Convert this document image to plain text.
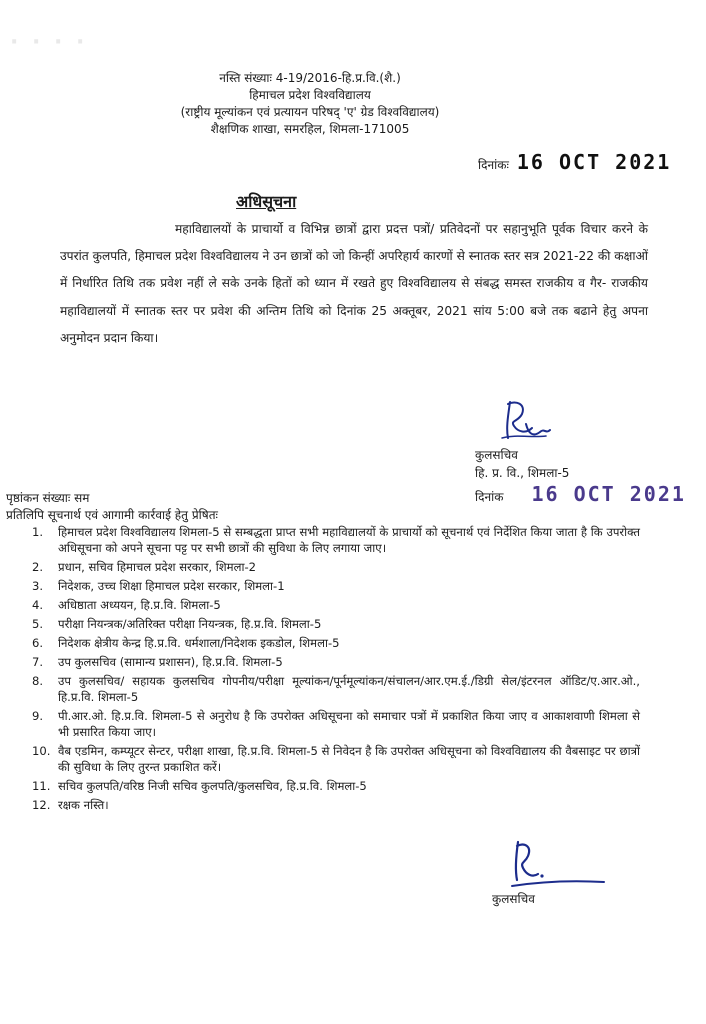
· · · ·
नस्ति संख्याः 4-19/2016-हि.प्र.वि.(शै.)
हिमाचल प्रदेश विश्वविद्यालय
(राष्ट्रीय मूल्यांकन एवं प्रत्यायन परिषद् 'ए' ग्रेड विश्वविद्यालय)
शैक्षणिक शाखा, समरहिल, शिमला-171005
दिनांकः 16 OCT 2021
अधिसूचना
महाविद्यालयों के प्राचार्यो व विभिन्न छात्रों द्वारा प्रदत्त पत्रों/ प्रतिवेदनों पर सहानुभूति पूर्वक विचार करने के उपरांत कुलपति, हिमाचल प्रदेश विश्वविद्यालय ने उन छात्रों को जो किन्हीं अपरिहार्य कारणों से स्नातक स्तर सत्र 2021-22 की कक्षाओं में निर्धारित तिथि तक प्रवेश नहीं ले सके उनके हितों को ध्यान में रखते हुए विश्वविद्यालय से संबद्ध समस्त राजकीय व गैर- राजकीय महाविद्यालयों में स्नातक स्तर पर प्रवेश की अन्तिम तिथि को दिनांक 25 अक्तूबर, 2021 सांय 5:00 बजे तक बढाने हेतु अपना अनुमोदन प्रदान किया।
कुलसचिव
हि. प्र. वि., शिमला-5
दिनांक 16 OCT 2021
पृष्ठांकन संख्याः सम
प्रतिलिपि सूचनार्थ एवं आगामी कार्रवाई हेतु प्रेषितः
1. हिमाचल प्रदेश विश्वविद्यालय शिमला-5 से सम्बद्धता प्राप्त सभी महाविद्यालयों के प्राचार्यो को सूचनार्थ एवं निर्देशित किया जाता है कि उपरोक्त अधिसूचना को अपने सूचना पट्ट पर सभी छात्रों की सुविधा के लिए लगाया जाए।
2. प्रधान, सचिव हिमाचल प्रदेश सरकार, शिमला-2
3. निदेशक, उच्च शिक्षा हिमाचल प्रदेश सरकार, शिमला-1
4. अधिष्ठाता अध्ययन, हि.प्र.वि. शिमला-5
5. परीक्षा नियन्त्रक/अतिरिक्त परीक्षा नियन्त्रक, हि.प्र.वि. शिमला-5
6. निदेशक क्षेत्रीय केन्द्र हि.प्र.वि. धर्मशाला/निदेशक इकडोल, शिमला-5
7. उप कुलसचिव (सामान्य प्रशासन), हि.प्र.वि. शिमला-5
8. उप कुलसचिव/ सहायक कुलसचिव गोपनीय/परीक्षा मूल्यांकन/पूर्नमूल्यांकन/संचालन/आर.एम.ई./डिग्री सेल/इंटरनल ऑडिट/ए.आर.ओ., हि.प्र.वि. शिमला-5
9. पी.आर.ओ. हि.प्र.वि. शिमला-5 से अनुरोध है कि उपरोक्त अधिसूचना को समाचार पत्रों में प्रकाशित किया जाए व आकाशवाणी शिमला से भी प्रसारित किया जाए।
10. वैब एडमिन, कम्प्यूटर सेन्टर, परीक्षा शाखा, हि.प्र.वि. शिमला-5 से निवेदन है कि उपरोक्त अधिसूचना को विश्वविद्यालय की वैबसाइट पर छात्रों की सुविधा के लिए तुरन्त प्रकाशित करें।
11. सचिव कुलपति/वरिष्ठ निजी सचिव कुलपति/कुलसचिव, हि.प्र.वि. शिमला-5
12. रक्षक नस्ति।
कुलसचिव
